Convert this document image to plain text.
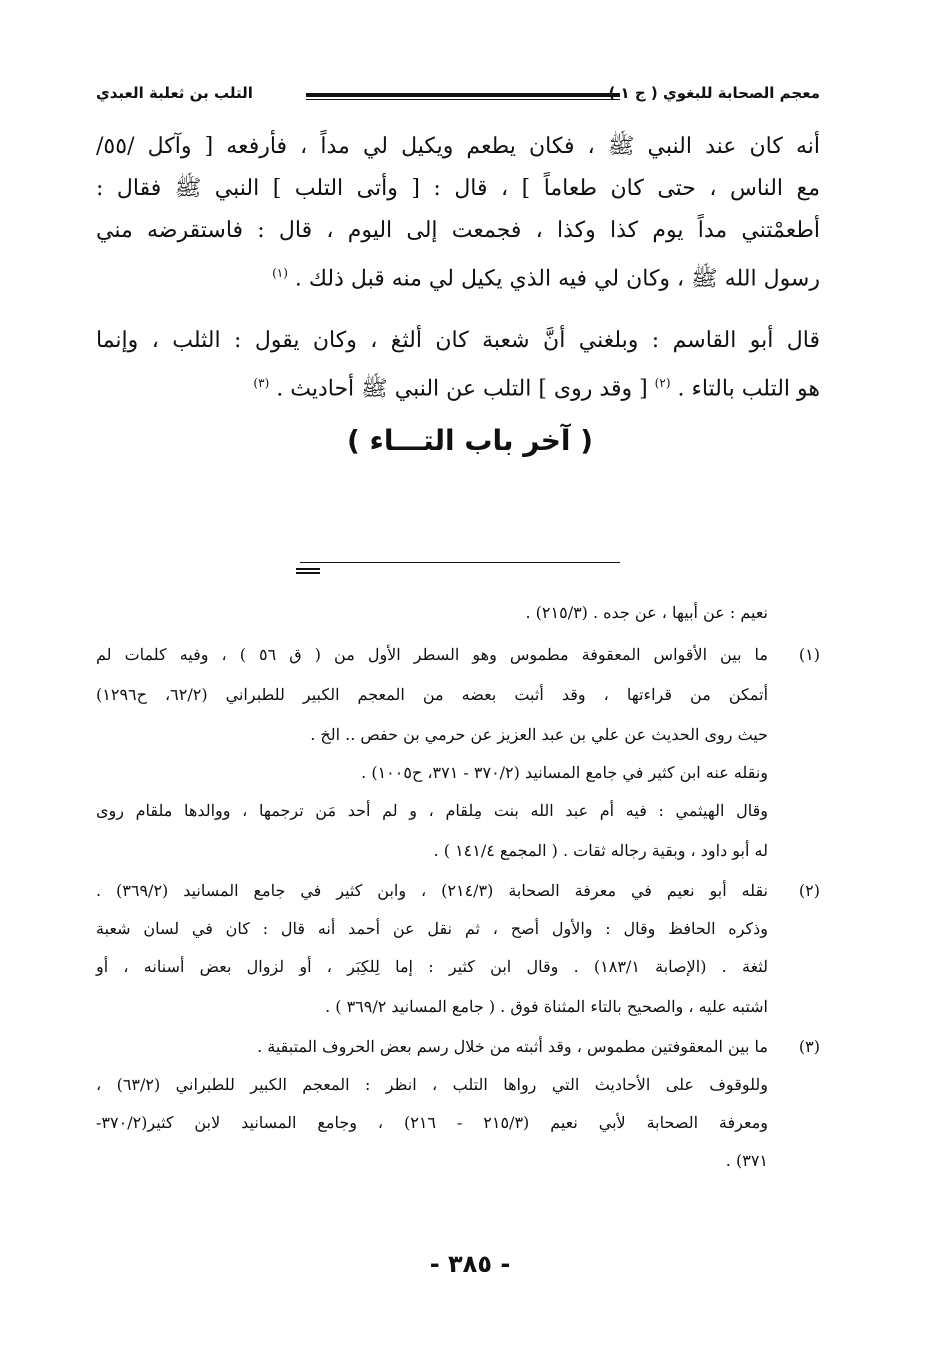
معجم الصحابة للبغوي ( ج ١
التلب بن ثعلبة العبدي
أنه كان عند النبي ﷺ ، فكان يطعم ويكيل لي مداً ، فأرفعه [ وآكل /٥٥/
مع الناس ، حتى كان طعاماً ] ، قال : [ وأتى التلب ] النبي ﷺ فقال :
أطعمْتني مداً يوم كذا وكذا ، فجمعت إلى اليوم ، قال : فاستقرضه مني
رسول الله ﷺ ، وكان لي فيه الذي يكيل لي منه قبل ذلك . $^{(١)}$
قال أبو القاسم : وبلغني أنَّ شعبة كان ألثغ ، وكان يقول : الثلب ، وإنما
هو التلب بالتاء . $^{(٢)}$ [ وقد روى ] التلب عن النبي ﷺ أحاديث . $^{(٣)}$
( آخر باب التـــاء )
نعيم : عن أبيها ، عن جده . (٢١٥/٣) .
(١)
ما بين الأقواس المعقوفة مطموس وهو السطر الأول من ( ق ٥٦ ) ، وفيه كلمات لم
أتمكن من قراءتها ، وقد أثبت بعضه من المعجم الكبير للطبراني (٦٢/٢، ح١٢٩٦)
حيث روى الحديث عن علي بن عبد العزيز عن حرمي بن حفص .. الخ .
ونقله عنه ابن كثير في جامع المسانيد (٣٧٠/٢ - ٣٧١، ح١٠٠٥) .
وقال الهيثمي : فيه أم عبد الله بنت مِلقام ، و لم أحد مَن ترجمها ، ووالدها ملقام روى
له أبو داود ، وبقية رجاله ثقات . ( المجمع ١٤١/٤ ) .
(٢)
نقله أبو نعيم في معرفة الصحابة (٢١٤/٣) ، وابن كثير في جامع المسانيد (٣٦٩/٢) .
وذكره الحافظ وقال : والأول أصح ، ثم نقل عن أحمد أنه قال : كان في لسان شعبة
لثغة . (الإصابة ١٨٣/١) . وقال ابن كثير : إما لِلكِبَر ، أو لزوال بعض أسنانه ، أو
اشتبه عليه ، والصحيح بالتاء المثناة فوق . ( جامع المسانيد ٣٦٩/٢ ) .
(٣)
ما بين المعقوفتين مطموس ، وقد أثبته من خلال رسم بعض الحروف المتبقية .
وللوقوف على الأحاديث التي رواها التلب ، انظر : المعجم الكبير للطبراني (٦٣/٢) ،
ومعرفة الصحابة لأبي نعيم (٢١٥/٣ - ٢١٦) ، وجامع المسانيد لابن كثير(٣٧٠/٢-
٣٧١) .
- ٣٨٥ -
